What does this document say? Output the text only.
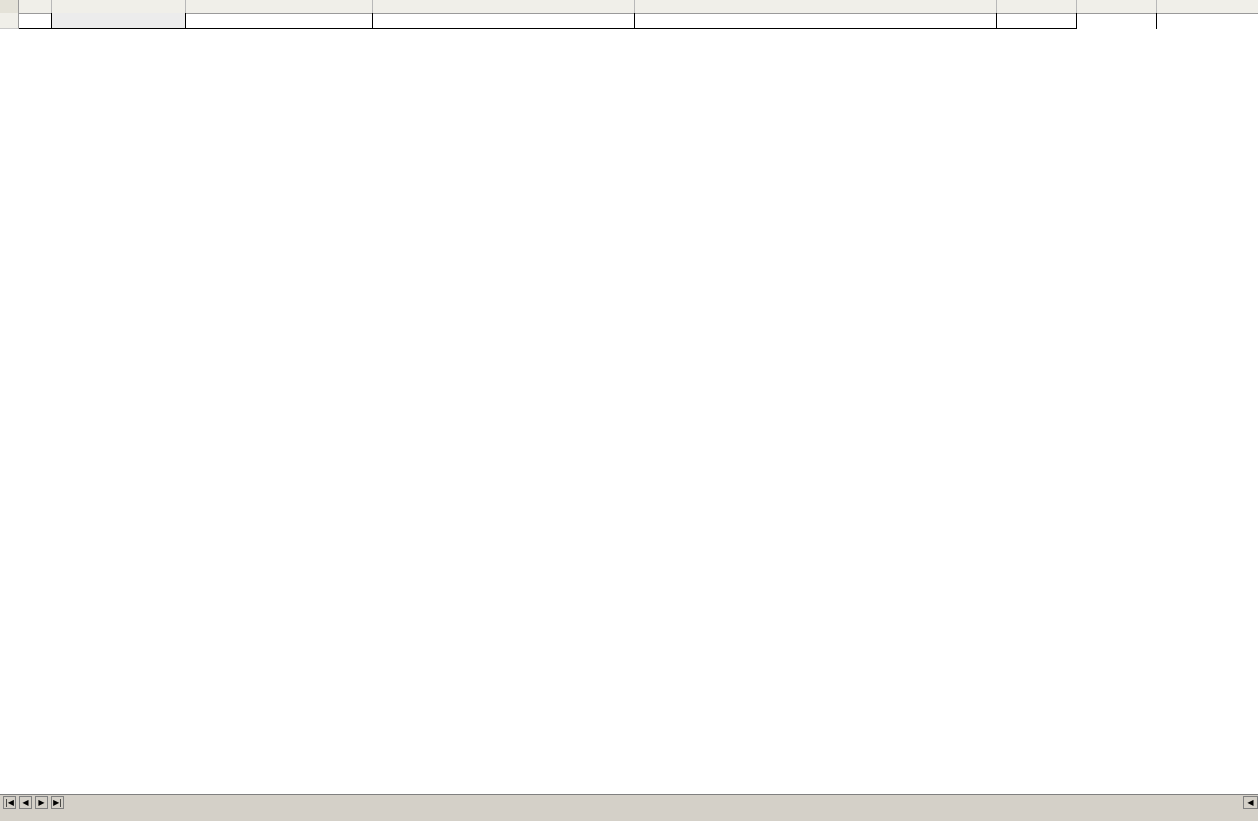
|◀	◀	▶	▶|	◀
